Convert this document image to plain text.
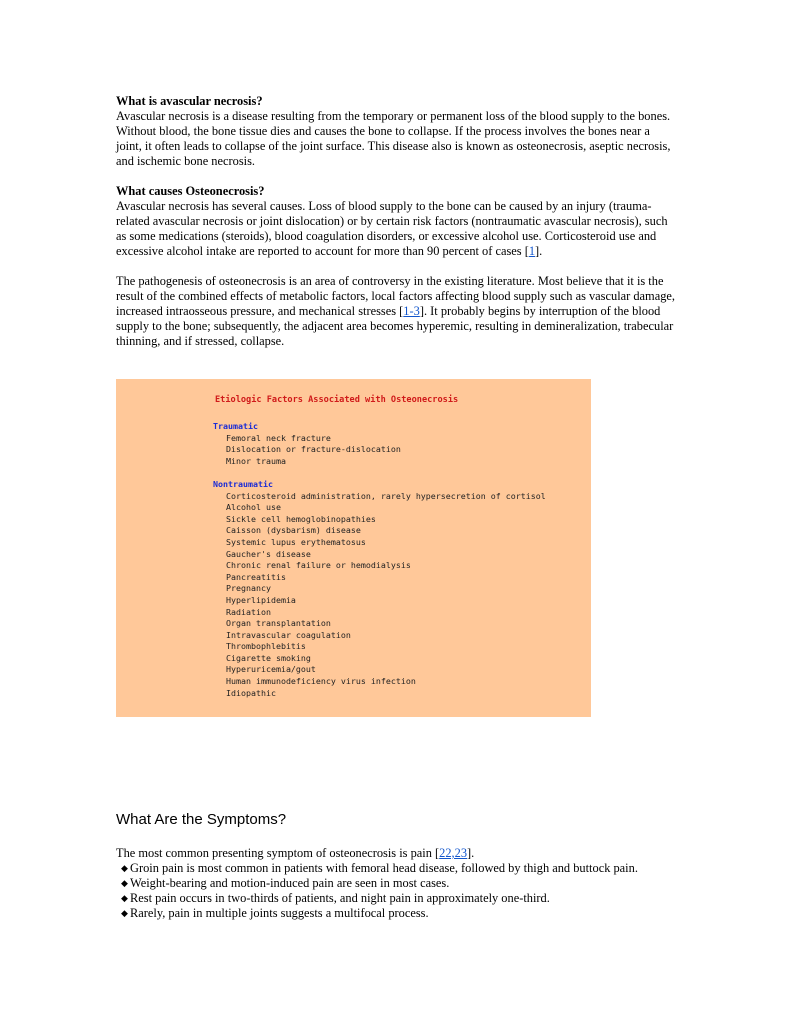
What is avascular necrosis?

Avascular necrosis is a disease resulting from the temporary or permanent loss of the blood supply to the bones. Without blood, the bone tissue dies and causes the bone to collapse. If the process involves the bones near a joint, it often leads to collapse of the joint surface. This disease also is known as osteonecrosis, aseptic necrosis, and ischemic bone necrosis.

What causes Osteonecrosis?

Avascular necrosis has several causes. Loss of blood supply to the bone can be caused by an injury (trauma-related avascular necrosis or joint dislocation) or by certain risk factors (nontraumatic avascular necrosis), such as some medications (steroids), blood coagulation disorders, or excessive alcohol use. Corticosteroid use and excessive alcohol intake are reported to account for more than 90 percent of cases [1].

The pathogenesis of osteonecrosis is an area of controversy in the existing literature. Most believe that it is the result of the combined effects of metabolic factors, local factors affecting blood supply such as vascular damage, increased intraosseous pressure, and mechanical stresses [1-3]. It probably begins by interruption of the blood supply to the bone; subsequently, the adjacent area becomes hyperemic, resulting in demineralization, trabecular thinning, and if stressed, collapse.

Etiologic Factors Associated with Osteonecrosis
Traumatic
Femoral neck fracture
Dislocation or fracture-dislocation
Minor trauma
Nontraumatic
Corticosteroid administration, rarely hypersecretion of cortisol
Alcohol use
Sickle cell hemoglobinopathies
Caisson (dysbarism) disease
Systemic lupus erythematosus
Gaucher's disease
Chronic renal failure or hemodialysis
Pancreatitis
Pregnancy
Hyperlipidemia
Radiation
Organ transplantation
Intravascular coagulation
Thrombophlebitis
Cigarette smoking
Hyperuricemia/gout
Human immunodeficiency virus infection
Idiopathic
What Are the Symptoms?

The most common presenting symptom of osteonecrosis is pain [22,23].

◆ Groin pain is most common in patients with femoral head disease, followed by thigh and buttock pain.
◆ Weight-bearing and motion-induced pain are seen in most cases.
◆ Rest pain occurs in two-thirds of patients, and night pain in approximately one-third.
◆ Rarely, pain in multiple joints suggests a multifocal process.
